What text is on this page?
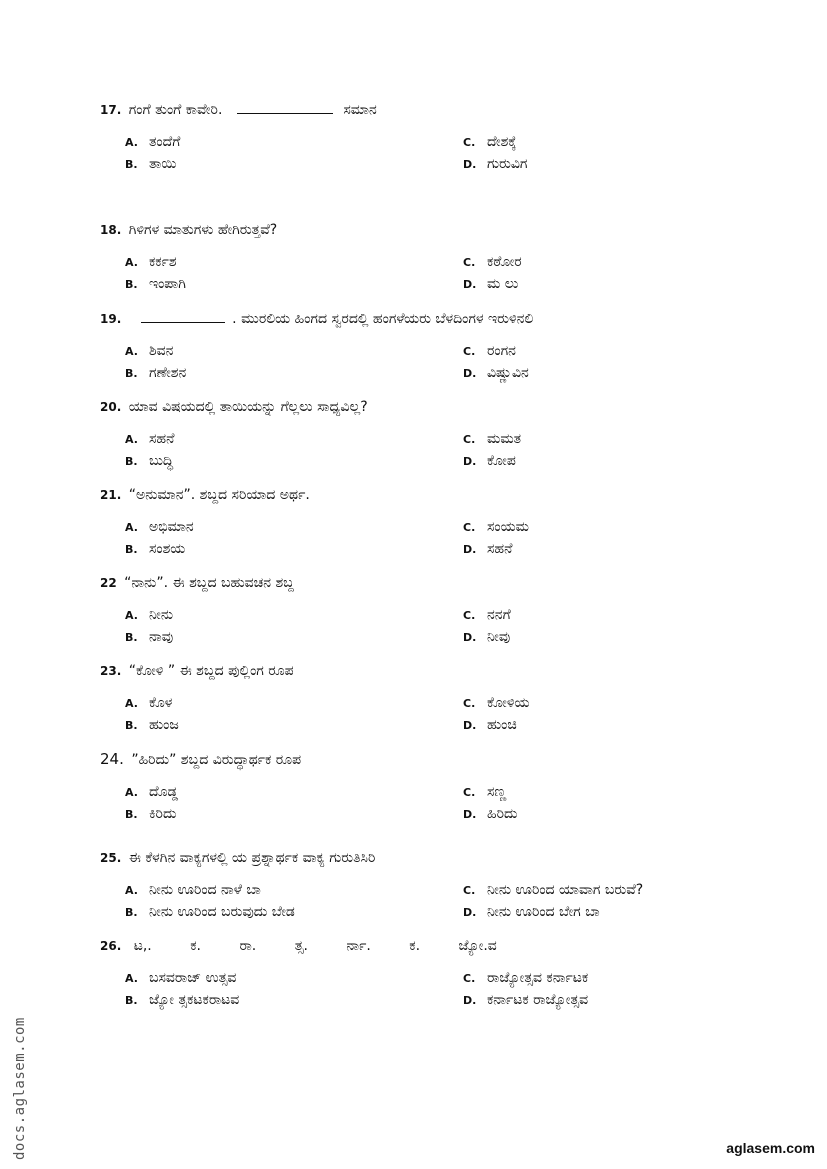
17. ಗಂಗೆ ತುಂಗೆ ಕಾವೇರಿ.	ಸಮಾನ
A. ತಂದೆಗೆ
B. ತಾಯಿ
C. ದೇಶಕ್ಕೆ
D. ಗುರುವಿಗ
18. ಗಿಳಿಗಳ ಮಾತುಗಳು ಹೇಗಿರುತ್ತವೆ?
A. ಕರ್ಕಶ
B. ಇಂಪಾಗಿ
C. ಕಠೋರ
D. ಮ ಲು
19.	. ಮುರಲಿಯ ಹಿಂಗದ ಸ್ವರದಲ್ಲಿ ಹಂಗಳೆಯರು ಬೆಳದಿಂಗಳ ಇರುಳಿನಲಿ
A. ಶಿವನ
B. ಗಣೇಶನ
C. ರಂಗನ
D. ವಿಷ್ಣುವಿನ
20. ಯಾವ ವಿಷಯದಲ್ಲಿ ತಾಯಿಯನ್ನು ಗೆಲ್ಲಲು ಸಾಧ್ಯವಿಲ್ಲ?
A. ಸಹನೆ
B. ಬುದ್ಧಿ
C. ಮಮತ
D. ಕೋಪ
21. “ಅನುಮಾನ”. ಶಬ್ದದ ಸರಿಯಾದ ಅರ್ಥ.
A. ಅಭಿಮಾನ
B. ಸಂಶಯ
C. ಸಂಯಮ
D. ಸಹನೆ
22 “ನಾನು”. ಈ ಶಬ್ದದ ಬಹುವಚನ ಶಬ್ದ
A. ನೀನು
B. ನಾವು
C. ನನಗೆ
D. ನೀವು
23. “ಕೋಳಿ ” ಈ ಶಬ್ದದ ಪುಲ್ಲಿಂಗ ರೂಪ
A. ಕೊಳ
B. ಹುಂಜ
C. ಕೋಳಿಯ
D. ಹುಂಚಿ
24. ”ಹಿರಿದು” ಶಬ್ದದ ವಿರುದ್ಧಾರ್ಥಕ ರೂಪ
A. ದೊಡ್ಡ
B. ಕಿರಿದು
C. ಸಣ್ಣ
D. ಹಿರಿದು
25. ಈ ಕೆಳಗಿನ ವಾಕ್ಯಗಳಲ್ಲಿ ಯ ಪ್ರಶ್ನಾರ್ಥಕ ವಾಕ್ಯ ಗುರುತಿಸಿರಿ
A. ನೀನು ಊರಿಂದ ನಾಳೆ ಬಾ
B. ನೀನು ಊರಿಂದ ಬರುವುದು ಬೇಡ
C. ನೀನು ಊರಿಂದ ಯಾವಾಗ ಬರುವೆ?
D. ನೀನು ಊರಿಂದ ಬೇಗ ಬಾ
26. ಟ,.	ಕ.	ರಾ.	ತ್ಸ.	ರ್ನಾ.	ಕ.	ಜ್ಯೋ.ವ
A. ಬಸವರಾಜ್ ಉತ್ಸವ
B. ಜ್ಯೋ ತ್ಸಕಟಕರಾಟವ
C. ರಾಜ್ಯೋತ್ಸವ ಕರ್ನಾಟಕ
D. ಕರ್ನಾಟಕ ರಾಜ್ಯೋತ್ಸವ
docs.aglasem.com	aglasem.com
